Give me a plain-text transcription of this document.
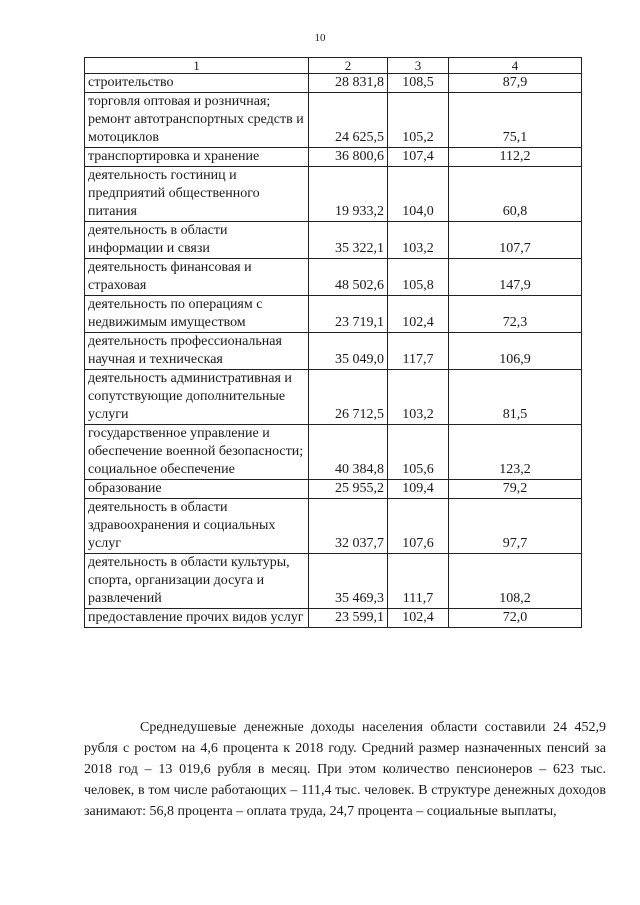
10
1	2	3	4
строительство	28 831,8	108,5	87,9
торговля оптовая и розничная; ремонт автотранспортных средств и мотоциклов	24 625,5	105,2	75,1
транспортировка и хранение	36 800,6	107,4	112,2
деятельность гостиниц и предприятий общественного питания	19 933,2	104,0	60,8
деятельность в области информации и связи	35 322,1	103,2	107,7
деятельность финансовая и страховая	48 502,6	105,8	147,9
деятельность по операциям с недвижимым имуществом	23 719,1	102,4	72,3
деятельность профессиональная научная и техническая	35 049,0	117,7	106,9
деятельность административная и сопутствующие дополнительные услуги	26 712,5	103,2	81,5
государственное управление и обеспечение военной безопасности; социальное обеспечение	40 384,8	105,6	123,2
образование	25 955,2	109,4	79,2
деятельность в области здравоохранения и социальных услуг	32 037,7	107,6	97,7
деятельность в области культуры, спорта, организации досуга и развлечений	35 469,3	111,7	108,2
предоставление прочих видов услуг	23 599,1	102,4	72,0

Среднедушевые денежные доходы населения области составили 24 452,9 рубля с ростом на 4,6 процента к 2018 году. Средний размер назначенных пенсий за 2018 год – 13 019,6 рубля в месяц. При этом количество пенсионеров – 623 тыс. человек, в том числе работающих – 111,4 тыс. человек. В структуре денежных доходов занимают: 56,8 процента – оплата труда, 24,7 процента – социальные выплаты,
